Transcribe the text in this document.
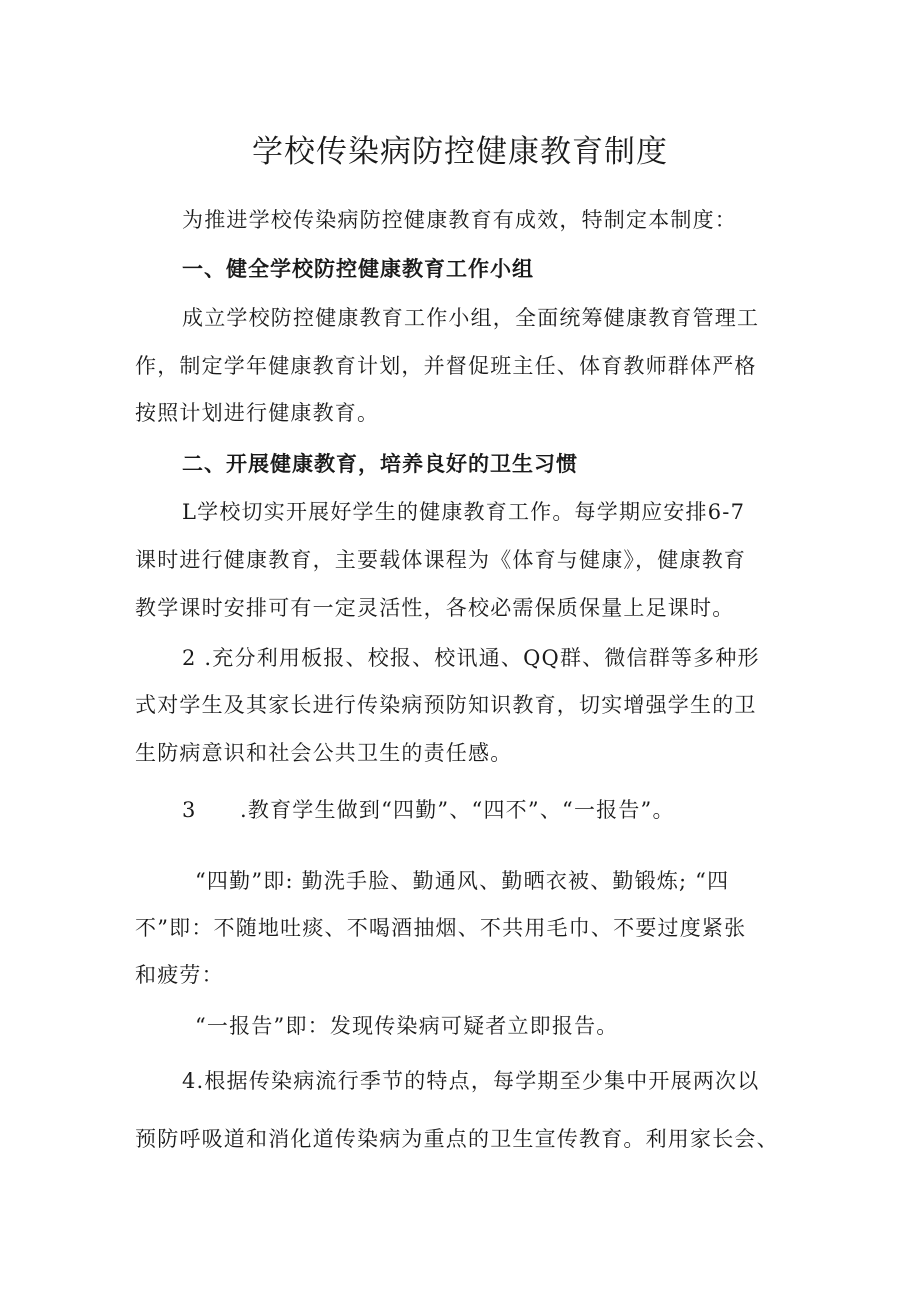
学校传染病防控健康教育制度
为推进学校传染病防控健康教育有成效，特制定本制度：
一、健全学校防控健康教育工作小组
成立学校防控健康教育工作小组，全面统筹健康教育管理工
作，制定学年健康教育计划，并督促班主任、体育教师群体严格
按照计划进行健康教育。
二、开展健康教育，培养良好的卫生习惯
L学校切实开展好学生的健康教育工作。每学期应安排6-7
课时进行健康教育，主要载体课程为《体育与健康》，健康教育
教学课时安排可有一定灵活性，各校必需保质保量上足课时。
2 .充分利用板报、校报、校讯通、QQ群、微信群等多种形
式对学生及其家长进行传染病预防知识教育，切实增强学生的卫
生防病意识和社会公共卫生的责任感。
3 .教育学生做到“四勤”、“四不”、“一报告”。
“四勤”即: 勤洗手脸、勤通风、勤晒衣被、勤锻炼; “四
不”即：不随地吐痰、不喝酒抽烟、不共用毛巾、不要过度紧张
和疲劳：
“一报告”即：发现传染病可疑者立即报告。
4.根据传染病流行季节的特点，每学期至少集中开展两次以
预防呼吸道和消化道传染病为重点的卫生宣传教育。利用家长会、
